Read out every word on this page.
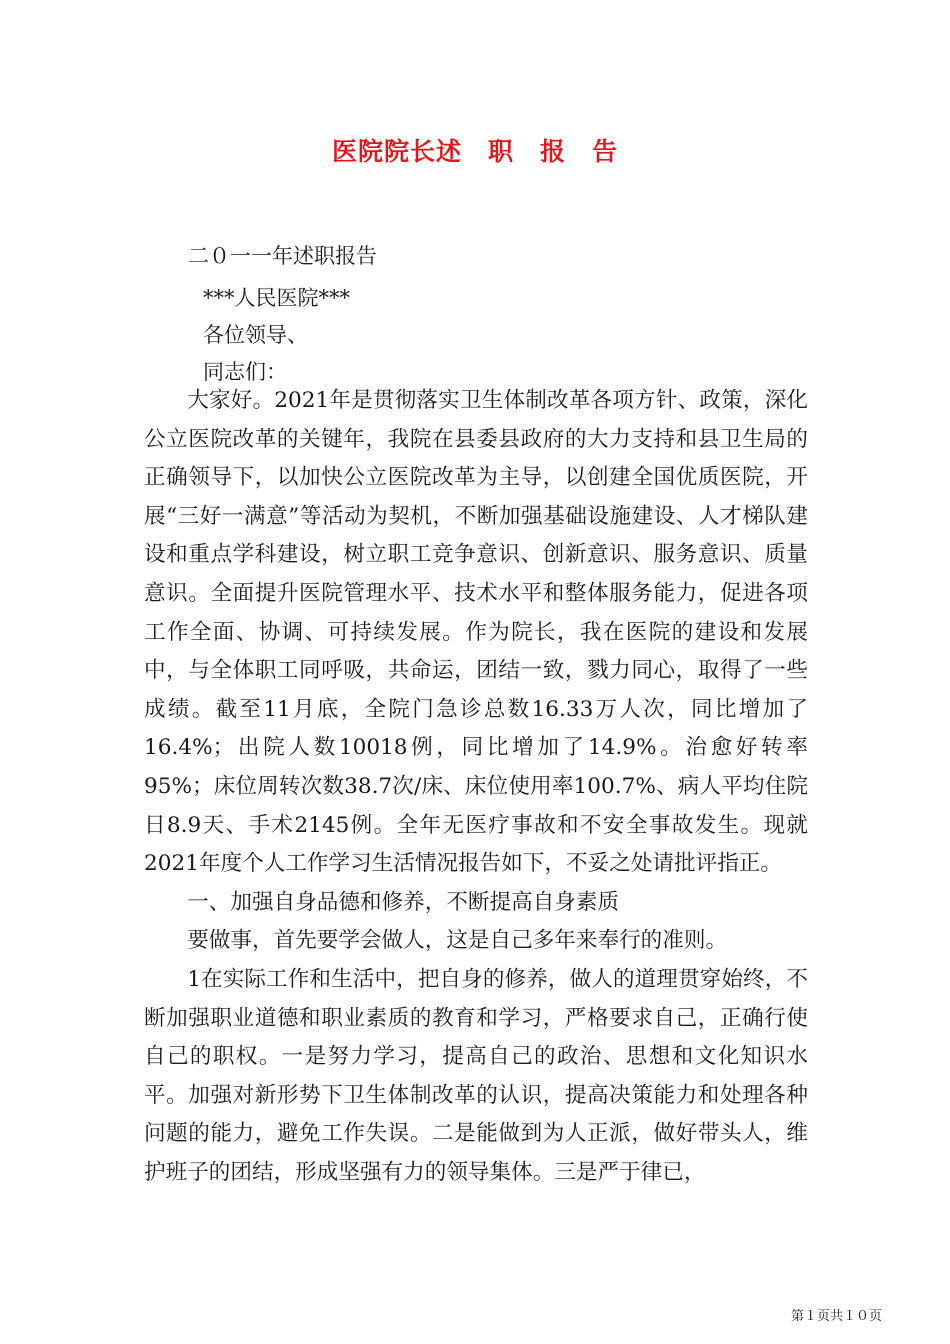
医院院长述　职　报　告
二０一一年述职报告
***人民医院***
各位领导、
同志们：

大家好。2021年是贯彻落实卫生体制改革各项方针、政策，深化公立医院改革的关键年，我院在县委县政府的大力支持和县卫生局的正确领导下，以加快公立医院改革为主导，以创建全国优质医院，开展“三好一满意”等活动为契机，不断加强基础设施建设、人才梯队建设和重点学科建设，树立职工竞争意识、创新意识、服务意识、质量意识。全面提升医院管理水平、技术水平和整体服务能力，促进各项工作全面、协调、可持续发展。作为院长，我在医院的建设和发展中，与全体职工同呼吸，共命运，团结一致，戮力同心，取得了一些成绩。截至11月底，全院门急诊总数16.33万人次，同比增加了16.4%；出院人数10018例，同比增加了14.9%。治愈好转率95%；床位周转次数38.7次/床、床位使用率100.7%、病人平均住院日8.9天、手术2145例。全年无医疗事故和不安全事故发生。现就2021年度个人工作学习生活情况报告如下，不妥之处请批评指正。

一、加强自身品德和修养，不断提高自身素质

要做事，首先要学会做人，这是自己多年来奉行的准则。

1在实际工作和生活中，把自身的修养，做人的道理贯穿始终，不断加强职业道德和职业素质的教育和学习，严格要求自己，正确行使自己的职权。一是努力学习，提高自己的政治、思想和文化知识水平。加强对新形势下卫生体制改革的认识，提高决策能力和处理各种问题的能力，避免工作失误。二是能做到为人正派，做好带头人，维护班子的团结，形成坚强有力的领导集体。三是严于律已，

第１页共１０页
